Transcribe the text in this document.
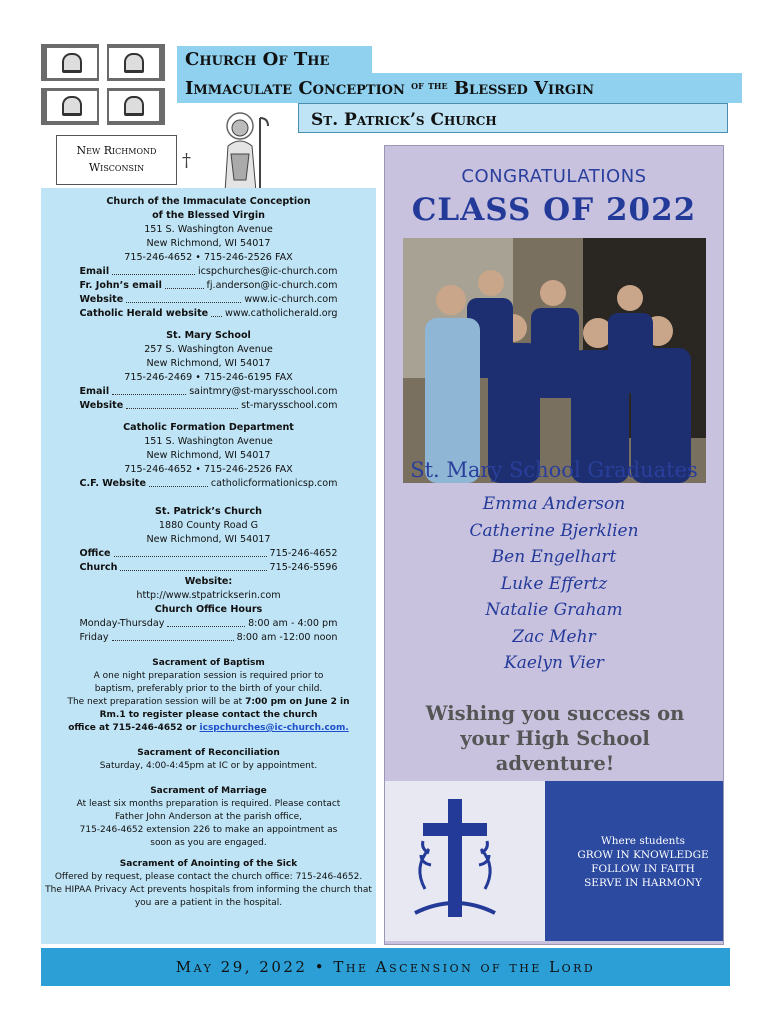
Church Of The
Immaculate Conception $^{of the}$ Blessed Virgin
St. Patrick’s Church
New Richmond
Wisconsin	†
Church of the Immaculate Conception
of the Blessed Virgin
151 S. Washington Avenue
New Richmond, WI 54017
715-246-4652 • 715-246-2526 FAX
Email	icspchurches@ic-church.com
Fr. John’s email	fj.anderson@ic-church.com
Website	www.ic-church.com
Catholic Herald website www.catholicherald.org
St. Mary School
257 S. Washington Avenue
New Richmond, WI 54017
715-246-2469 • 715-246-6195 FAX
Email	saintmry@st-marysschool.com
Website	st-marysschool.com
Catholic Formation Department
151 S. Washington Avenue
New Richmond, WI 54017
715-246-4652 • 715-246-2526 FAX
C.F. Website	catholicformationicsp.com
St. Patrick’s Church
1880 County Road G
New Richmond, WI 54017
Office	715-246-4652
Church	715-246-5596
Website:
http://www.stpatrickserin.com
Church Office Hours
Monday-Thursday	8:00 am - 4:00 pm
Friday	8:00 am -12:00 noon
Sacrament of Baptism
A one night preparation session is required prior to
baptism, preferably prior to the birth of your child.
The next preparation session will be at 7:00 pm on June 2 in
Rm.1 to register please contact the church
office at 715-246-4652 or icspchurches@ic-church.com.
Sacrament of Reconciliation
Saturday, 4:00-4:45pm at IC or by appointment.
Sacrament of Marriage
At least six months preparation is required. Please contact
Father John Anderson at the parish office,
715-246-4652 extension 226 to make an appointment as
soon as you are engaged.
Sacrament of Anointing of the Sick
Offered by request, please contact the church office: 715-246-4652.
The HIPAA Privacy Act prevents hospitals from informing the church that
you are a patient in the hospital.
CONGRATULATIONS
CLASS OF 2022
St. Mary School Graduates
Emma Anderson
Catherine Bjerklien
Ben Engelhart
Luke Effertz
Natalie Graham
Zac Mehr
Kaelyn Vier
Wishing you success on
your High School
adventure!
Where students
GROW IN KNOWLEDGE
FOLLOW IN FAITH
SERVE IN HARMONY
May 29, 2022 • The Ascension of the Lord
